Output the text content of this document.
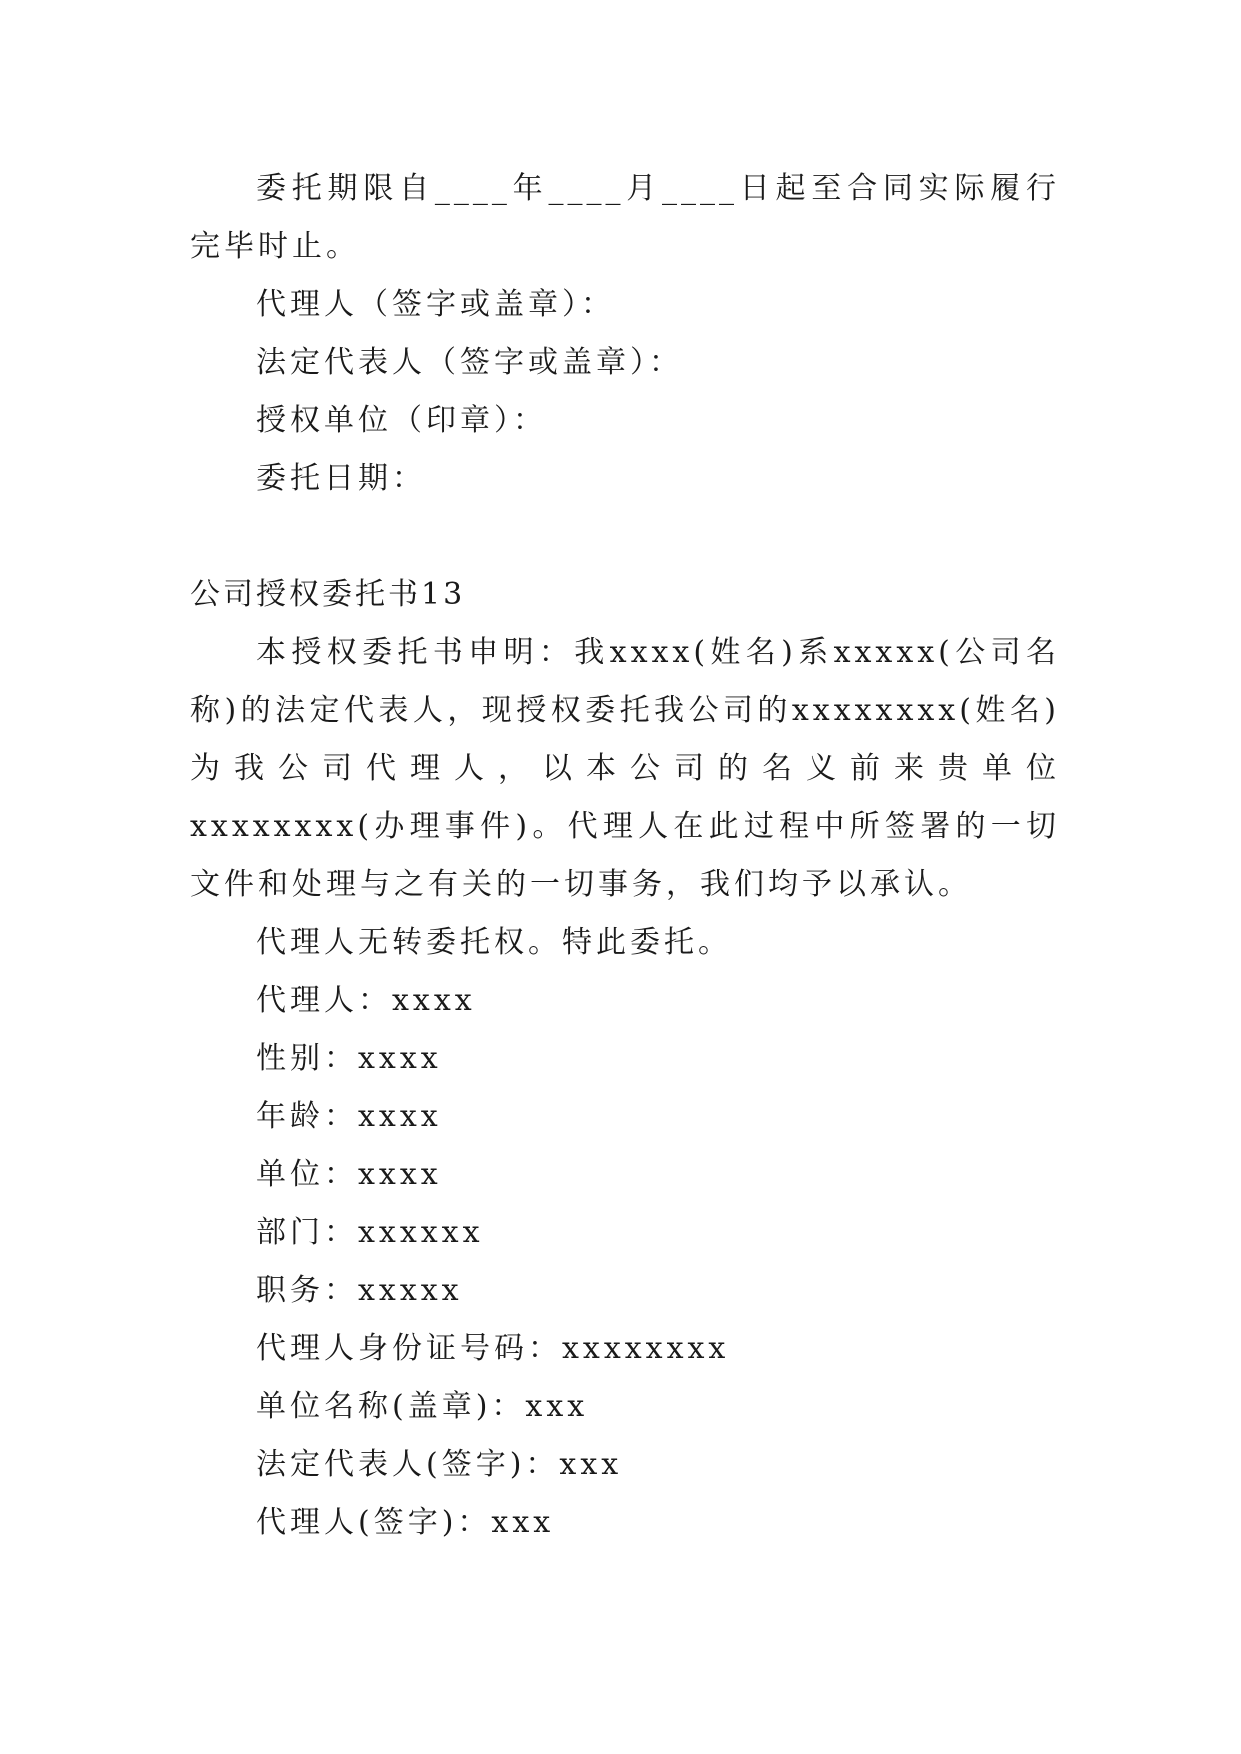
委托期限自____年____月____日起至合同实际履行完毕时止。

代理人（签字或盖章）：
法定代表人（签字或盖章）：
授权单位（印章）：
委托日期：

公司授权委托书13

本授权委托书申明：我xxxx(姓名)系xxxxx(公司名称)的法定代表人，现授权委托我公司的xxxxxxxx(姓名)为我公司代理人，以本公司的名义前来贵单位xxxxxxxx(办理事件)。代理人在此过程中所签署的一切文件和处理与之有关的一切事务，我们均予以承认。

代理人无转委托权。特此委托。
代理人：xxxx
性别：xxxx
年龄：xxxx
单位：xxxx
部门：xxxxxx
职务：xxxxx
代理人身份证号码：xxxxxxxx
单位名称(盖章)：xxx
法定代表人(签字)：xxx
代理人(签字)：xxx
